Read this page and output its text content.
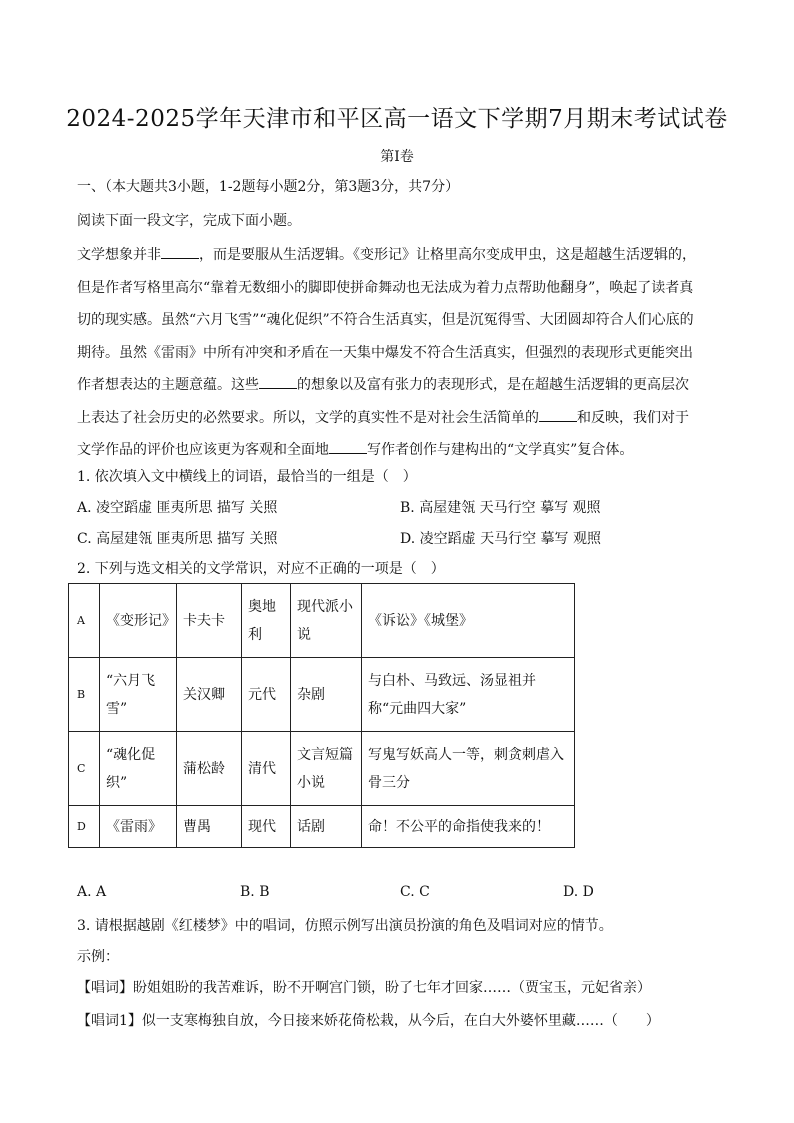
2024-2025学年天津市和平区高一语文下学期7月期末考试试卷
第Ⅰ卷
一、（本大题共3小题，1-2题每小题2分，第3题3分，共7分）
阅读下面一段文字，完成下面小题。
文学想象并非	，而是要服从生活逻辑。《变形记》让格里高尔变成甲虫，这是超越生活逻辑的，
但是作者写格里高尔“靠着无数细小的脚即使拼命舞动也无法成为着力点帮助他翻身”，唤起了读者真
切的现实感。虽然“六月飞雪”“魂化促织”不符合生活真实，但是沉冤得雪、大团圆却符合人们心底的
期待。虽然《雷雨》中所有冲突和矛盾在一天集中爆发不符合生活真实，但强烈的表现形式更能突出
作者想表达的主题意蕴。这些	的想象以及富有张力的表现形式，是在超越生活逻辑的更高层次
上表达了社会历史的必然要求。所以，文学的真实性不是对社会生活简单的	和反映，我们对于
文学作品的评价也应该更为客观和全面地	写作者创作与建构出的“文学真实”复合体。
1. 依次填入文中横线上的词语，最恰当的一组是（　）
A. 凌空蹈虚 匪夷所思 描写 关照	B. 高屋建瓴 天马行空 摹写 观照
C. 高屋建瓴 匪夷所思 描写 关照	D. 凌空蹈虚 天马行空 摹写 观照
2. 下列与选文相关的文学常识，对应不正确的一项是（　）
A	《变形记》	卡夫卡	奥地利	现代派小说	《诉讼》《城堡》
B	“六月飞雪”	关汉卿	元代	杂剧	与白朴、马致远、汤显祖并称“元曲四大家”
C	“魂化促织”	蒲松龄	清代	文言短篇小说	写鬼写妖高人一等，刺贪刺虐入骨三分
D	《雷雨》	曹禺	现代	话剧	命！不公平的命指使我来的！
A. A	B. B	C. C	D. D
3. 请根据越剧《红楼梦》中的唱词，仿照示例写出演员扮演的角色及唱词对应的情节。
示例：
【唱词】盼姐姐盼的我苦难诉，盼不开啊宫门锁，盼了七年才回家……（贾宝玉，元妃省亲）
【唱词1】似一支寒梅独自放，今日接来娇花倚松栽，从今后，在白大外婆怀里藏……（　　）
